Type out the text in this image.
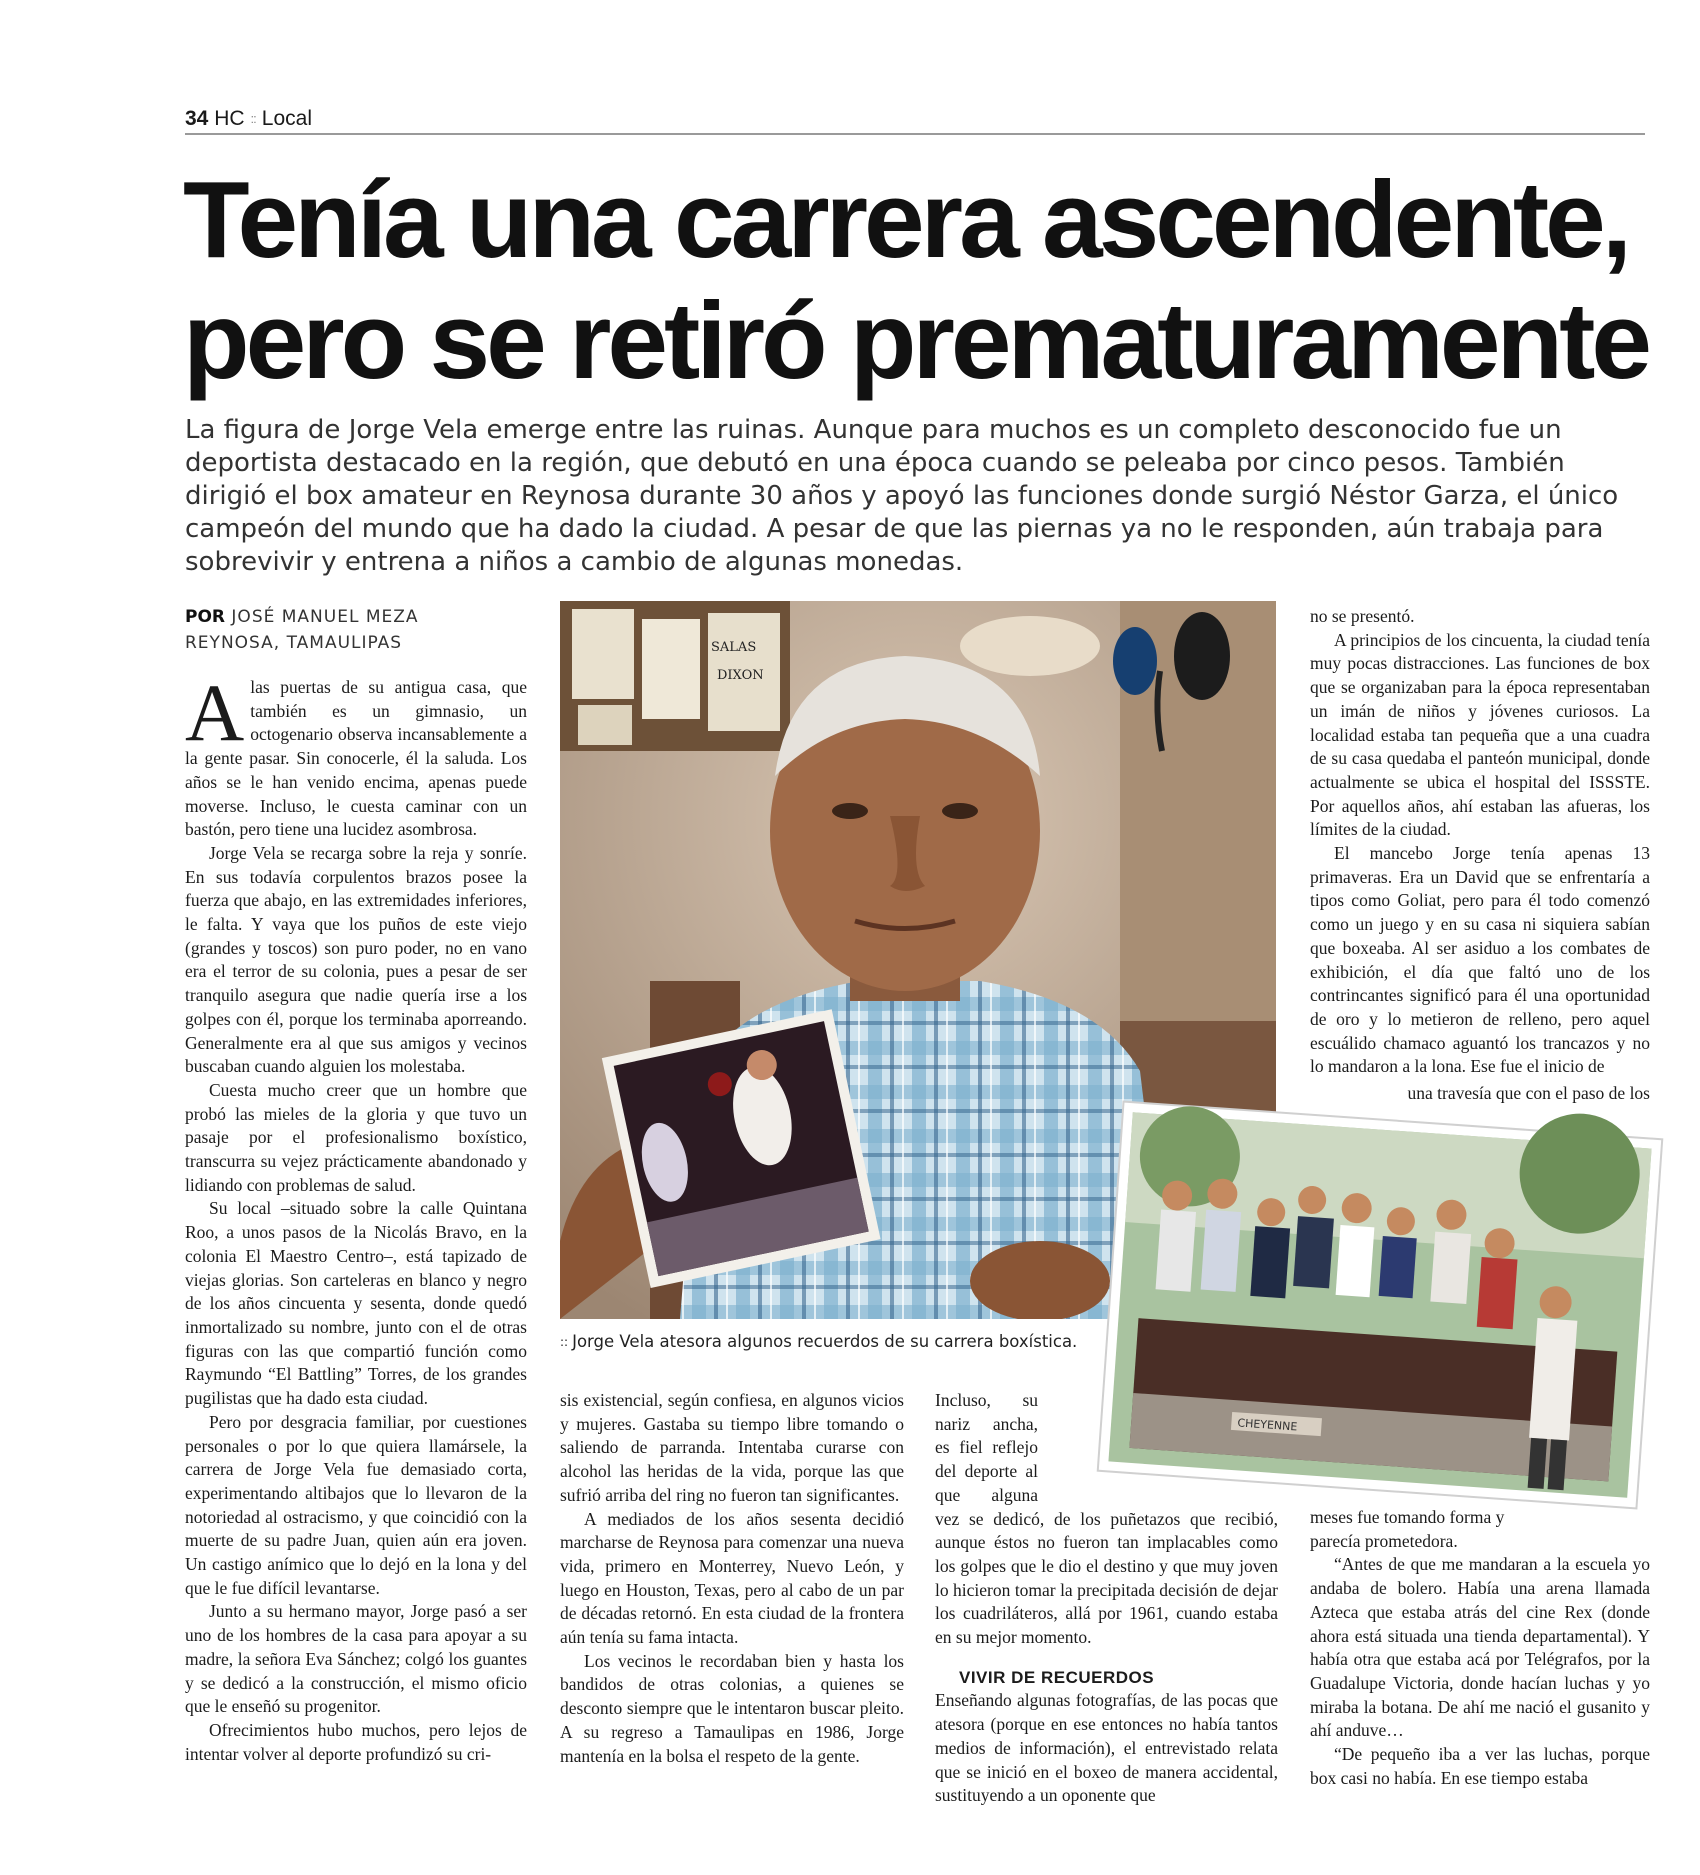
34 HC :: Local
Tenía una carrera ascendente,
pero se retiró prematuramente
La figura de Jorge Vela emerge entre las ruinas. Aunque para muchos es un completo desconocido fue un deportista destacado en la región, que debutó en una época cuando se peleaba por cinco pesos. También dirigió el box amateur en Reynosa durante 30 años y apoyó las funciones donde surgió Néstor Garza, el único campeón del mundo que ha dado la ciudad. A pesar de que las piernas ya no le responden, aún trabaja para sobrevivir y entrena a niños a cambio de algunas monedas.
POR JOSÉ MANUEL MEZA
REYNOSA, TAMAULIPAS

Alas puertas de su antigua casa, que también es un gimnasio, un octogenario observa incansablemente a la gente pasar. Sin conocerle, él la saluda. Los años se le han venido encima, apenas puede moverse. Incluso, le cuesta caminar con un bastón, pero tiene una lucidez asombrosa.

Jorge Vela se recarga sobre la reja y sonríe. En sus todavía corpulentos brazos posee la fuerza que abajo, en las extremidades inferiores, le falta. Y vaya que los puños de este viejo (grandes y toscos) son puro poder, no en vano era el terror de su colonia, pues a pesar de ser tranquilo asegura que nadie quería irse a los golpes con él, porque los terminaba aporreando. Generalmente era al que sus amigos y vecinos buscaban cuando alguien los molestaba.

Cuesta mucho creer que un hombre que probó las mieles de la gloria y que tuvo un pasaje por el profesionalismo boxístico, transcurra su vejez prácticamente abandonado y lidiando con problemas de salud.

Su local –situado sobre la calle Quintana Roo, a unos pasos de la Nicolás Bravo, en la colonia El Maestro Centro–, está tapizado de viejas glorias. Son carteleras en blanco y negro de los años cincuenta y sesenta, donde quedó inmortalizado su nombre, junto con el de otras figuras con las que compartió función como Raymundo “El Battling” Torres, de los grandes pugilistas que ha dado esta ciudad.

Pero por desgracia familiar, por cuestiones personales o por lo que quiera llamársele, la carrera de Jorge Vela fue demasiado corta, experimentando altibajos que lo llevaron de la notoriedad al ostracismo, y que coincidió con la muerte de su padre Juan, quien aún era joven. Un castigo anímico que lo dejó en la lona y del que le fue difícil levantarse.

Junto a su hermano mayor, Jorge pasó a ser uno de los hombres de la casa para apoyar a su madre, la señora Eva Sánchez; colgó los guantes y se dedicó a la construcción, el mismo oficio que le enseñó su progenitor.

Ofrecimientos hubo muchos, pero lejos de intentar volver al deporte profundizó su cri-

SALAS
DIXON
:: Jorge Vela atesora algunos recuerdos de su carrera boxística.

sis existencial, según confiesa, en algunos vicios y mujeres. Gastaba su tiempo libre tomando o saliendo de parranda. Intentaba curarse con alcohol las heridas de la vida, porque las que sufrió arriba del ring no fueron tan significantes.

A mediados de los años sesenta decidió marcharse de Reynosa para comenzar una nueva vida, primero en Monterrey, Nuevo León, y luego en Houston, Texas, pero al cabo de un par de décadas retornó. En esta ciudad de la frontera aún tenía su fama intacta.

Los vecinos le recordaban bien y hasta los bandidos de otras colonias, a quienes se desconto siempre que le intentaron buscar pleito. A su regreso a Tamaulipas en 1986, Jorge mantenía en la bolsa el respeto de la gente.

Incluso, su nariz ancha, es fiel reflejo del deporte al que alguna vez se dedicó, de los puñetazos que recibió, aunque éstos no fueron tan implacables como los golpes que le dio el destino y que muy joven lo hicieron tomar la precipitada decisión de dejar los cuadriláteros, allá por 1961, cuando estaba en su mejor momento.

VIVIR DE RECUERDOS

Enseñando algunas fotografías, de las pocas que atesora (porque en ese entonces no había tantos medios de información), el entrevistado relata que se inició en el boxeo de manera accidental, sustituyendo a un oponente que

no se presentó.

A principios de los cincuenta, la ciudad tenía muy pocas distracciones. Las funciones de box que se organizaban para la época representaban un imán de niños y jóvenes curiosos. La localidad estaba tan pequeña que a una cuadra de su casa quedaba el panteón municipal, donde actualmente se ubica el hospital del ISSSTE. Por aquellos años, ahí estaban las afueras, los límites de la ciudad.

El mancebo Jorge tenía apenas 13 primaveras. Era un David que se enfrentaría a tipos como Goliat, pero para él todo comenzó como un juego y en su casa ni siquiera sabían que boxeaba. Al ser asiduo a los combates de exhibición, el día que faltó uno de los contrincantes significó para él una oportunidad de oro y lo metieron de relleno, pero aquel escuálido chamaco aguantó los trancazos y no lo mandaron a la lona. Ese fue el inicio de

una travesía que con el paso de los

CHEYENNE

meses fue tomando forma y

parecía prometedora.

“Antes de que me mandaran a la escuela yo andaba de bolero. Había una arena llamada Azteca que estaba atrás del cine Rex (donde ahora está situada una tienda departamental). Y había otra que estaba acá por Telégrafos, por la Guadalupe Victoria, donde hacían luchas y yo miraba la botana. De ahí me nació el gusanito y ahí anduve…

“De pequeño iba a ver las luchas, porque box casi no había. En ese tiempo estaba
